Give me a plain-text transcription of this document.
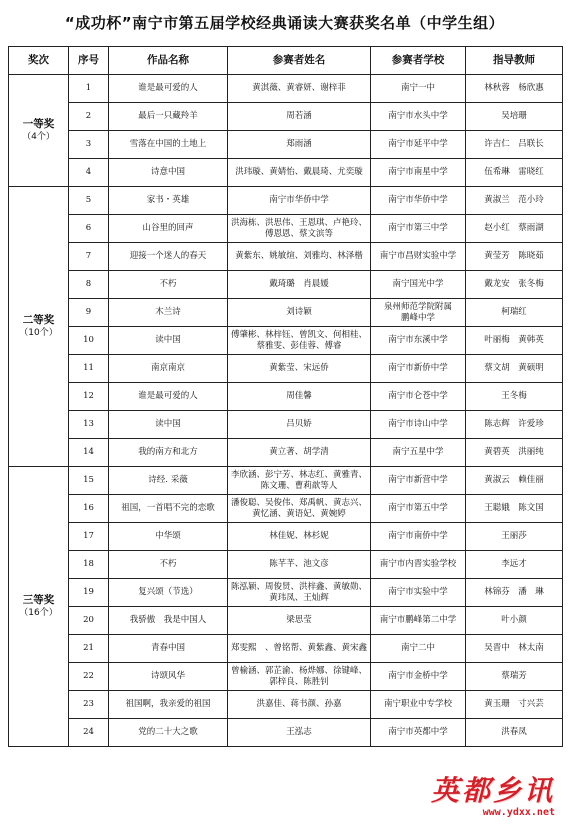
“成功杯”南宁市第五届学校经典诵读大赛获奖名单（中学生组）
奖次	序号	作品名称	参赛者姓名	参赛者学校	指导教师

一等奖
（4个）	1	谁是最可爱的人	黄淇薇、黄睿妍、谢梓菲	南宁一中	林秋蓉　杨欣惠
	2	最后一只藏羚羊	周若涵	南宁市水头中学	吴培珊
	3	雪落在中国的土地上	郑雨涵	南宁市延平中学	许吉仁　吕联长
	4	诗意中国	洪玮璇、黄婧怡、戴晨琦、尤奕璇	南宁市南星中学	伍希琳　雷晓红

二等奖
（10个）	5	家书・英雄	南宁市华侨中学	南宁市华侨中学	黄淑兰　范小玲
	6	山谷里的回声	洪海栋、洪思伟、王恩琪、卢艳玲、傅恩恩、蔡文滨等	南宁市第三中学	赵小红　蔡雨湖
	7	迎接一个迷人的春天	黄紫东、姚敏煊、刘雅均、林泽楷	南宁市昌财实验中学	黄莹芳　陈晓茹
	8	不朽	戴琦璐　肖晨媛	南宁国光中学	戴龙安　张冬梅
	9	木兰诗	刘诗颖	泉州师范学院附属　　鹏峰中学	柯瑞红
	10	读中国	傅肇彬、林梓钰、曾凯文、何相桂、蔡雅雯、彭佳蓉、傅睿	南宁市东溪中学	叶丽梅　黄韩英
	11	南京南京	黄紫莹、宋远侨	南宁市新侨中学	蔡文胡　黄硕明
	12	谁是最可爱的人	周佳馨	南宁市仑苍中学	王冬梅
	13	读中国	吕贝娇	南宁市诗山中学	陈志辉　许爱珍
	14	我的南方和北方	黄立著、胡学清	南宁五星中学	黄碧英　洪丽纯

三等奖
（16个）	15	诗经. 采薇	李欣涵、彭宁芳、林志红、黄雅青、陈文珊、曹莉歆等人	南宁市新营中学	黄淑云　赖佳丽
	16	祖国，一首唱不完的恋歌	潘俊聪、吴俊伟、郑禹帆、黄志兴、黄忆涵、黄语妃、黄婉婷	南宁市第五中学	王聪娥　陈文国
	17	中华颂	林佳妮、林杉妮	南宁市南侨中学	王丽莎
	18	不朽	陈芊芊、池文彦	南宁市内晋实验学校	李远才
	19	复兴颂（节选）	陈泓颖、周俊贤、洪梓鑫、黄敏勋、黄玮凤、王灿辉	南宁市实验中学	林锦芬　潘　琳
	20	我骄傲　我是中国人	梁思莹	南宁市鹏峰第二中学	叶小颜
	21	青春中国	郑雯熙　、曾铭帮、黄紫鑫、黄宋鑫	南宁二中	吴晋中　林太南
	22	诗颂风华	曾榆涵、郭芷渝、杨烨娜、徐键峰、郭梓良、陈胜钊	南宁市金桥中学	蔡瑞芳
	23	祖国啊，我亲爱的祖国	洪嘉佳、蒋书颜、孙嘉	南宁职业中专学校	黄玉珊　寸兴芸
	24	党的二十大之歌	王泓志	南宁市英都中学	洪春凤
英都乡讯
www.ydxx.net
